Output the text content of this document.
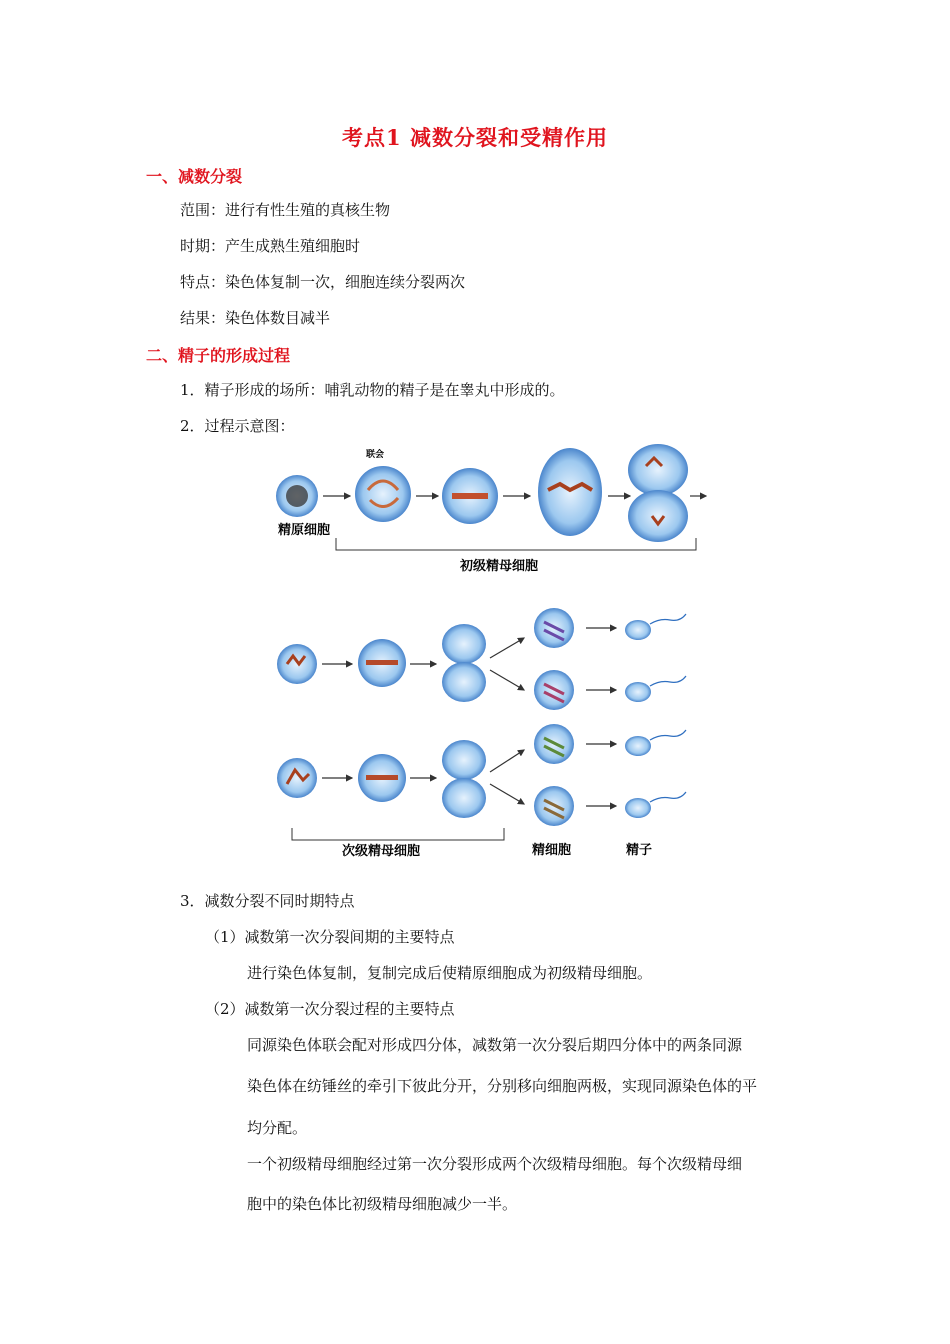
考点1 减数分裂和受精作用
一、减数分裂
范围：进行有性生殖的真核生物
时期：产生成熟生殖细胞时
特点：染色体复制一次，细胞连续分裂两次
结果：染色体数目减半
二、精子的形成过程
1．精子形成的场所：哺乳动物的精子是在睾丸中形成的。
2．过程示意图：
联会
精原细胞
初级精母细胞
次级精母细胞	精细胞	精子
3．减数分裂不同时期特点
（1）减数第一次分裂间期的主要特点
进行染色体复制，复制完成后使精原细胞成为初级精母细胞。
（2）减数第一次分裂过程的主要特点
同源染色体联会配对形成四分体，减数第一次分裂后期四分体中的两条同源
染色体在纺锤丝的牵引下彼此分开，分别移向细胞两极，实现同源染色体的平
均分配。
一个初级精母细胞经过第一次分裂形成两个次级精母细胞。每个次级精母细
胞中的染色体比初级精母细胞减少一半。
